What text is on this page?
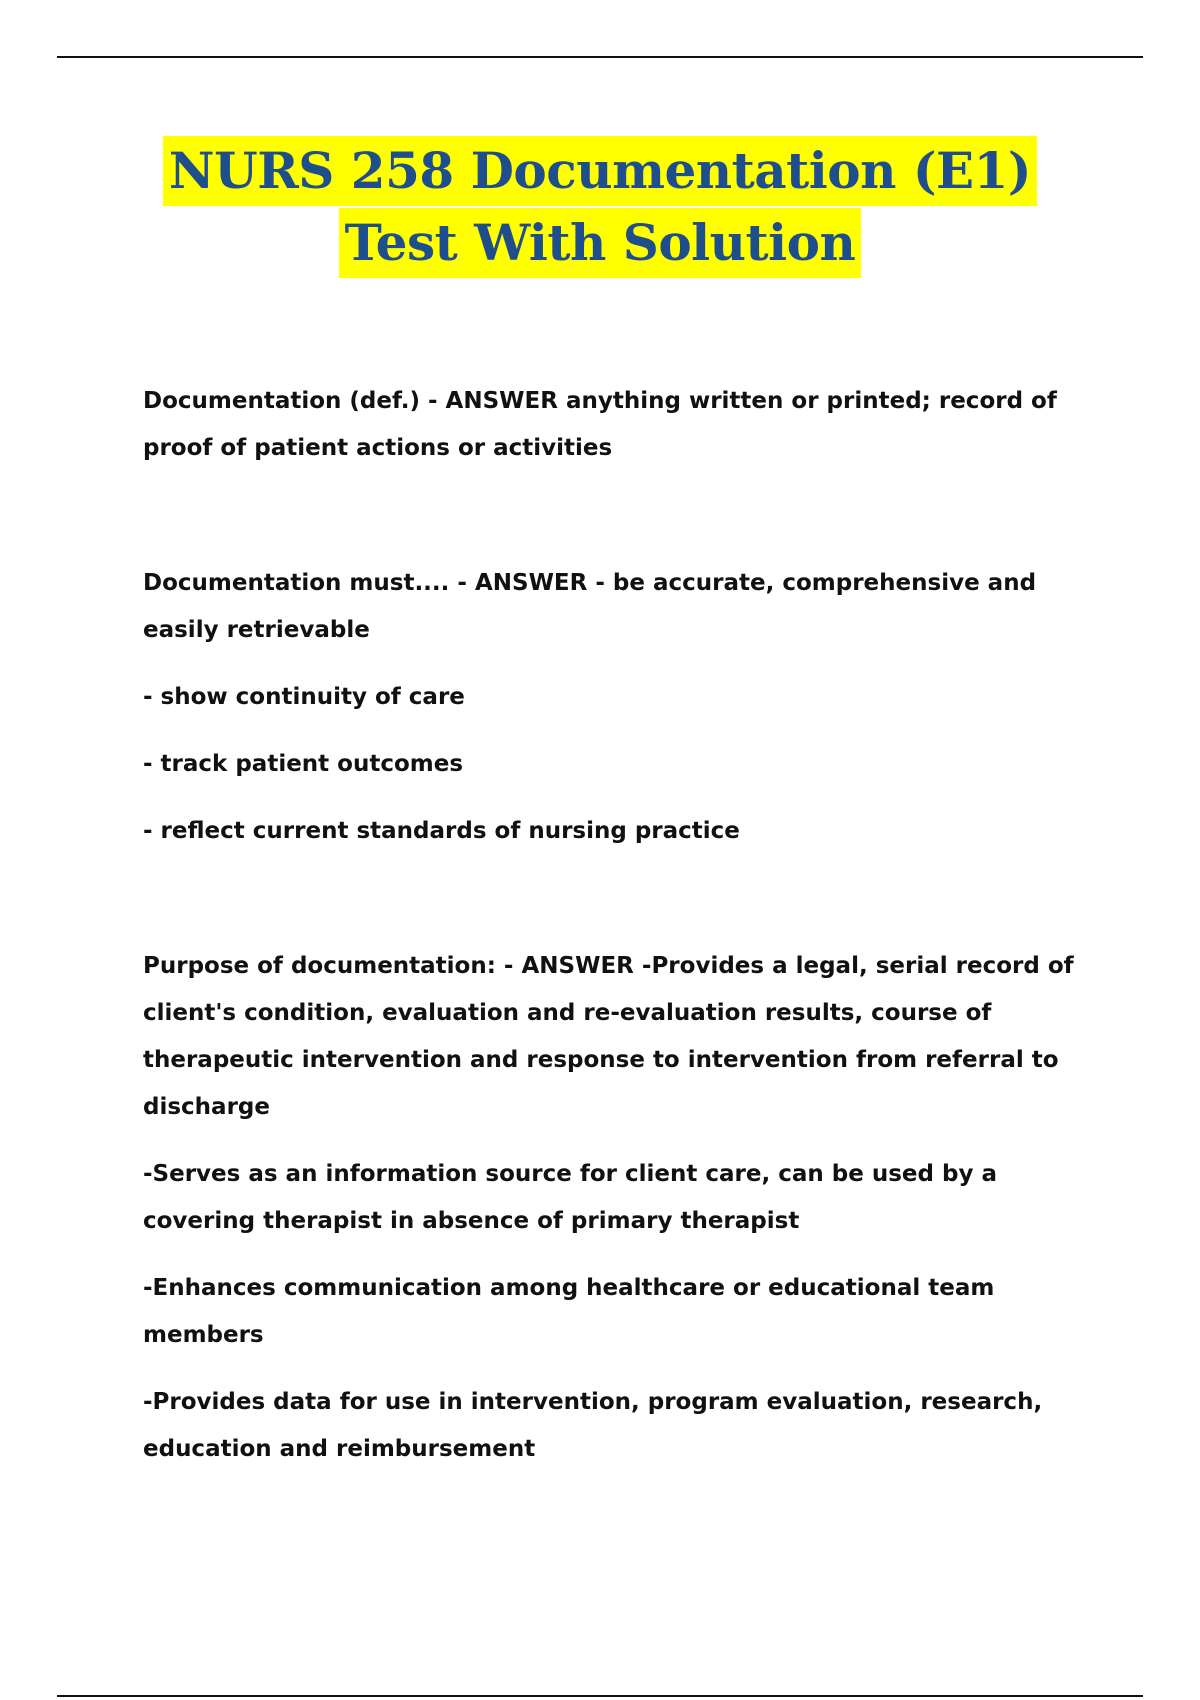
NURS 258 Documentation (E1)
Test With Solution

Documentation (def.) - ANSWER anything written or printed; record of proof of patient actions or activities

Documentation must.... - ANSWER - be accurate, comprehensive and easily retrievable

- show continuity of care

- track patient outcomes

- reflect current standards of nursing practice

Purpose of documentation: - ANSWER -Provides a legal, serial record of client's condition, evaluation and re-evaluation results, course of therapeutic intervention and response to intervention from referral to discharge

-Serves as an information source for client care, can be used by a covering therapist in absence of primary therapist

-Enhances communication among healthcare or educational team members

-Provides data for use in intervention, program evaluation, research, education and reimbursement
